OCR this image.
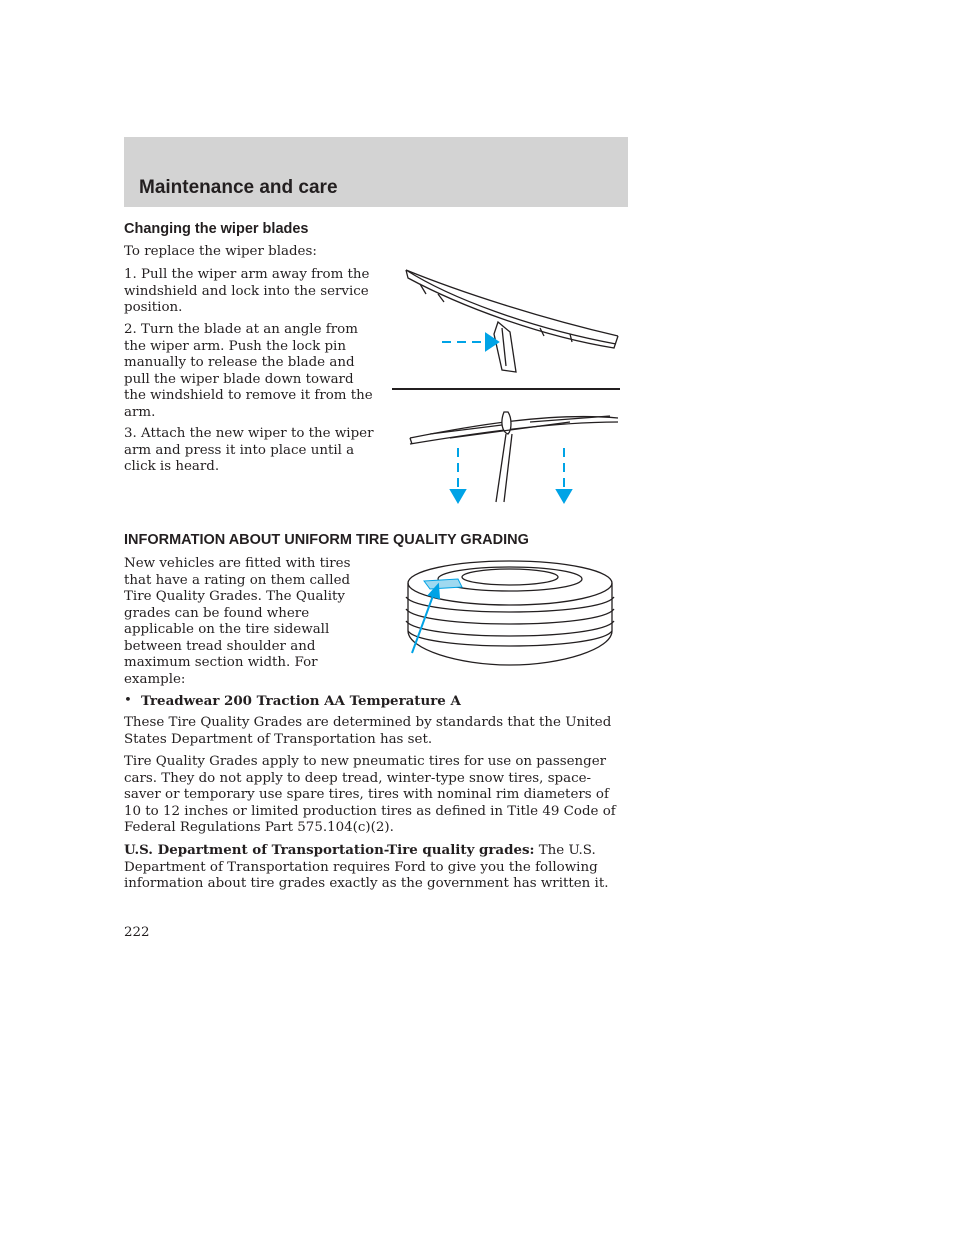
Maintenance and care
Changing the wiper blades

To replace the wiper blades:

1. Pull the wiper arm away from the windshield and lock into the service position.

2. Turn the blade at an angle from the wiper arm. Push the lock pin manually to release the blade and pull the wiper blade down toward the windshield to remove it from the arm.

3. Attach the new wiper to the wiper arm and press it into place until a click is heard.

INFORMATION ABOUT UNIFORM TIRE QUALITY GRADING

New vehicles are fitted with tires that have a rating on them called Tire Quality Grades. The Quality grades can be found where applicable on the tire sidewall between tread shoulder and maximum section width. For example:

• Treadwear 200 Traction AA Temperature A

These Tire Quality Grades are determined by standards that the United States Department of Transportation has set.

Tire Quality Grades apply to new pneumatic tires for use on passenger cars. They do not apply to deep tread, winter-type snow tires, space-saver or temporary use spare tires, tires with nominal rim diameters of 10 to 12 inches or limited production tires as defined in Title 49 Code of Federal Regulations Part 575.104(c)(2).

U.S. Department of Transportation-Tire quality grades: The U.S. Department of Transportation requires Ford to give you the following information about tire grades exactly as the government has written it.

222
